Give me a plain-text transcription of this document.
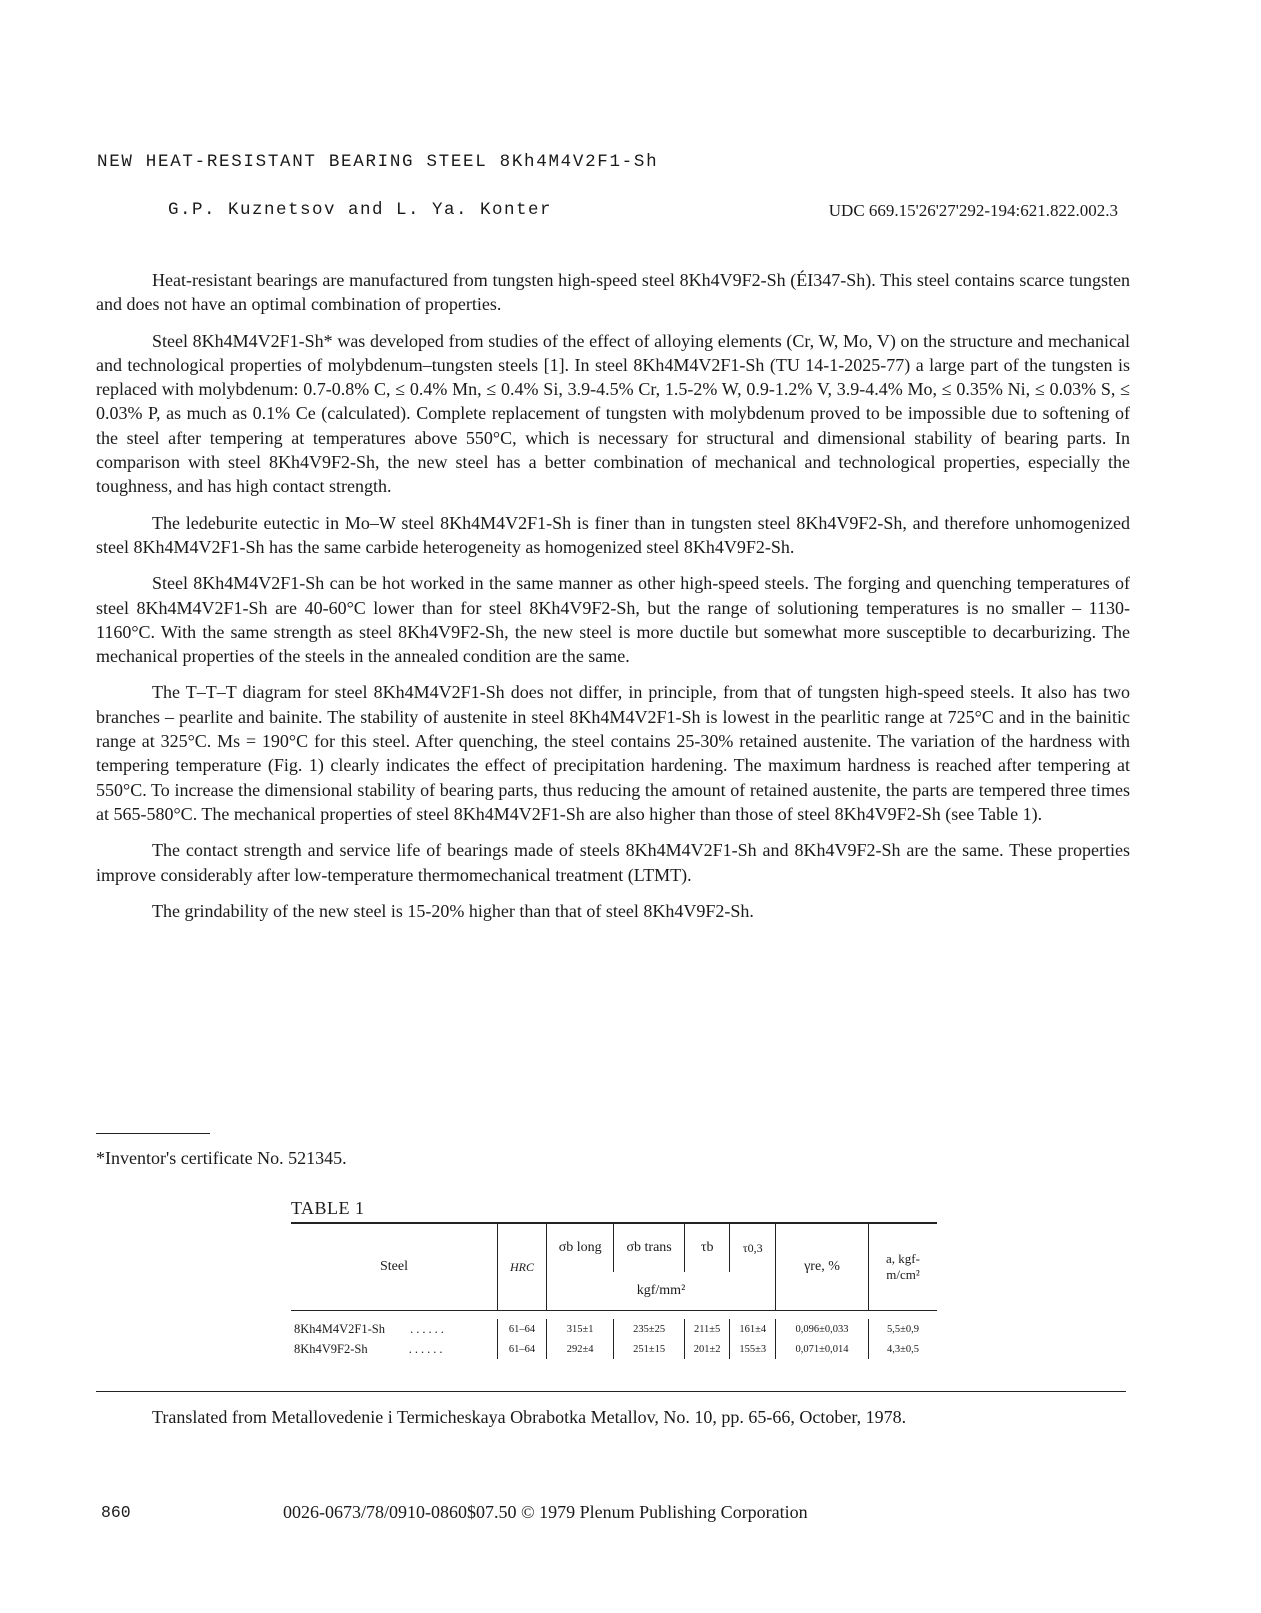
NEW HEAT-RESISTANT BEARING STEEL 8Kh4M4V2F1-Sh
G.P. Kuznetsov and L. Ya. Konter	UDC 669.15'26'27'292-194:621.822.002.3

Heat-resistant bearings are manufactured from tungsten high-speed steel 8Kh4V9F2-Sh (ÉI347-Sh). This steel contains scarce tungsten and does not have an optimal combination of properties.

Steel 8Kh4M4V2F1-Sh* was developed from studies of the effect of alloying elements (Cr, W, Mo, V) on the structure and mechanical and technological properties of molybdenum–tungsten steels [1]. In steel 8Kh4M4V2F1-Sh (TU 14-1-2025-77) a large part of the tungsten is replaced with molybdenum: 0.7-0.8% C, ≤ 0.4% Mn, ≤ 0.4% Si, 3.9-4.5% Cr, 1.5-2% W, 0.9-1.2% V, 3.9-4.4% Mo, ≤ 0.35% Ni, ≤ 0.03% S, ≤ 0.03% P, as much as 0.1% Ce (calculated). Complete replacement of tungsten with molybdenum proved to be impossible due to softening of the steel after tempering at temperatures above 550°C, which is necessary for structural and dimensional stability of bearing parts. In comparison with steel 8Kh4V9F2-Sh, the new steel has a better combination of mechanical and technological properties, especially the toughness, and has high contact strength.

The ledeburite eutectic in Mo–W steel 8Kh4M4V2F1-Sh is finer than in tungsten steel 8Kh4V9F2-Sh, and therefore unhomogenized steel 8Kh4M4V2F1-Sh has the same carbide heterogeneity as homogenized steel 8Kh4V9F2-Sh.

Steel 8Kh4M4V2F1-Sh can be hot worked in the same manner as other high-speed steels. The forging and quenching temperatures of steel 8Kh4M4V2F1-Sh are 40-60°C lower than for steel 8Kh4V9F2-Sh, but the range of solutioning temperatures is no smaller – 1130-1160°C. With the same strength as steel 8Kh4V9F2-Sh, the new steel is more ductile but somewhat more susceptible to decarburizing. The mechanical properties of the steels in the annealed condition are the same.

The T–T–T diagram for steel 8Kh4M4V2F1-Sh does not differ, in principle, from that of tungsten high-speed steels. It also has two branches – pearlite and bainite. The stability of austenite in steel 8Kh4M4V2F1-Sh is lowest in the pearlitic range at 725°C and in the bainitic range at 325°C. Ms = 190°C for this steel. After quenching, the steel contains 25-30% retained austenite. The variation of the hardness with tempering temperature (Fig. 1) clearly indicates the effect of precipitation hardening. The maximum hardness is reached after tempering at 550°C. To increase the dimensional stability of bearing parts, thus reducing the amount of retained austenite, the parts are tempered three times at 565-580°C. The mechanical properties of steel 8Kh4M4V2F1-Sh are also higher than those of steel 8Kh4V9F2-Sh (see Table 1).

The contact strength and service life of bearings made of steels 8Kh4M4V2F1-Sh and 8Kh4V9F2-Sh are the same. These properties improve considerably after low-temperature thermomechanical treatment (LTMT).

The grindability of the new steel is 15-20% higher than that of steel 8Kh4V9F2-Sh.

*Inventor's certificate No. 521345.
TABLE 1
Steel	HRC	σb long	σb trans	τb	τ0,3	γre, %	a, kgf-m/cm²
		kgf/mm²					

8Kh4M4V2F1-Sh ......	61–64	315±1	235±25	211±5	161±4	0,096±0,033	5,5±0,9
8Kh4V9F2-Sh ......	61–64	292±4	251±15	201±2	155±3	0,071±0,014	4,3±0,5
Translated from Metallovedenie i Termicheskaya Obrabotka Metallov, No. 10, pp. 65-66, October, 1978.
860	0026-0673/78/0910-0860$07.50 © 1979 Plenum Publishing Corporation
